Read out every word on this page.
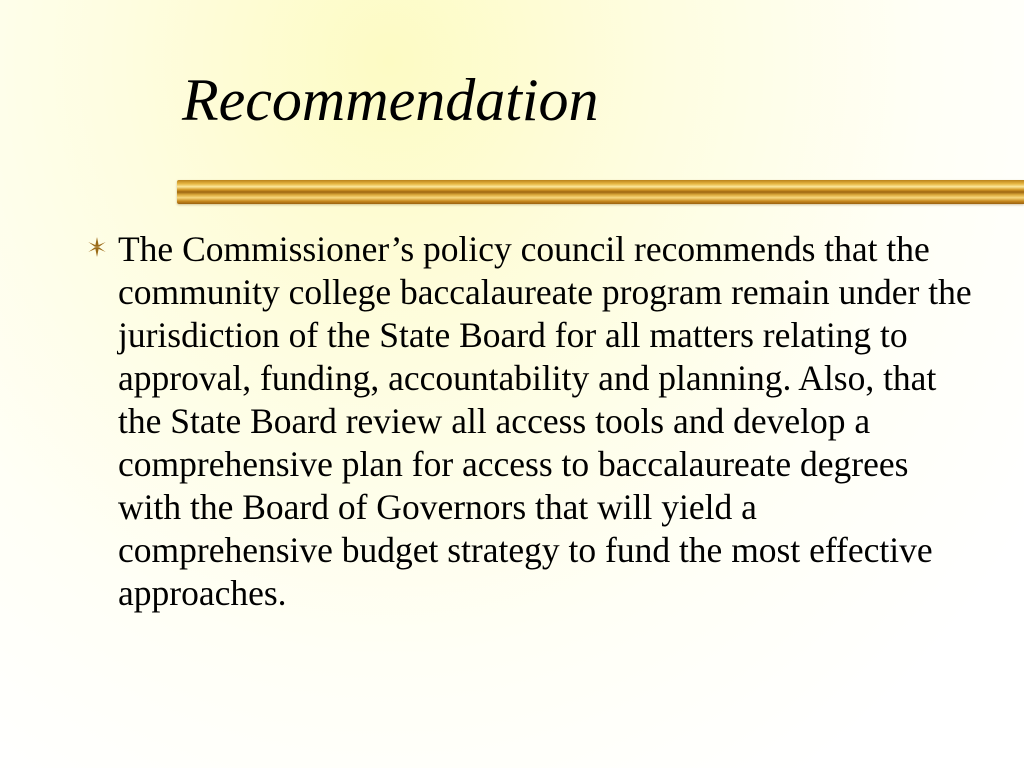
Recommendation

The Commissioner’s policy council recommends that the community college baccalaureate program remain under the jurisdiction of the State Board for all matters relating to approval, funding, accountability and planning. Also, that the State Board review all access tools and develop a comprehensive plan for access to baccalaureate degrees with the Board of Governors that will yield a comprehensive budget strategy to fund the most effective approaches.
